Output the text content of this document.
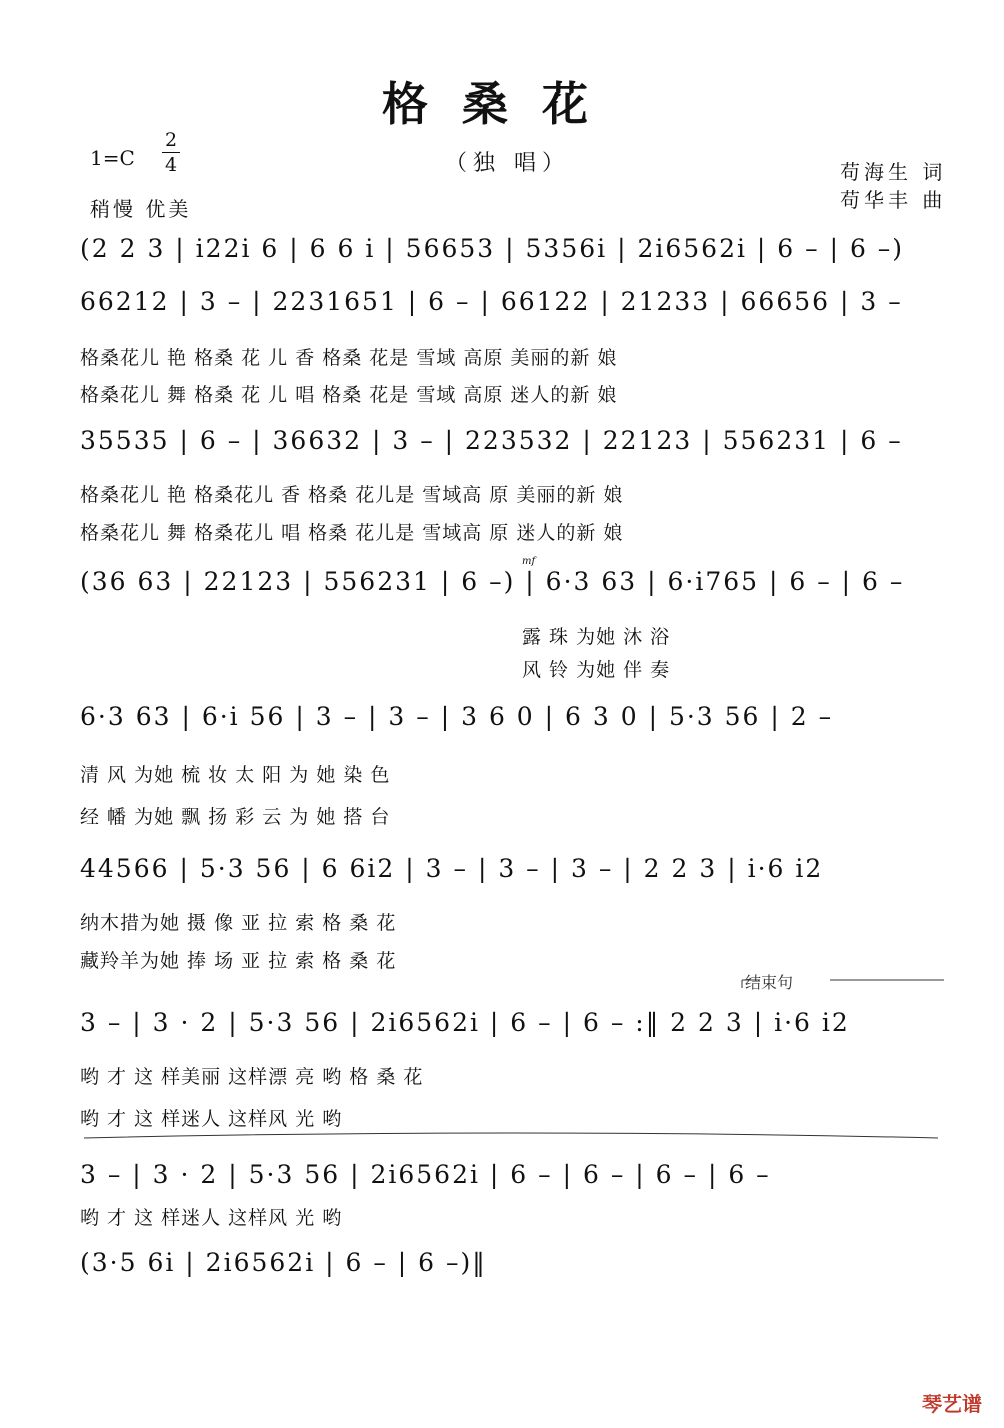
格桑花
1=C
2
4	（独 唱）	苟海生 词
苟华丰 曲
稍慢 优美
(2 2 3 | i22i 6 | 6 6 i | 56653 | 5356i | 2i6562i | 6 – | 6 –)
66212 | 3 – | 2231651 | 6 – | 66122 | 21233 | 66656 | 3 –
格桑花儿 艳 格桑 花 儿 香 格桑 花是 雪域 高原 美丽的新 娘
格桑花儿 舞 格桑 花 儿 唱 格桑 花是 雪域 高原 迷人的新 娘
35535 | 6 – | 36632 | 3 – | 223532 | 22123 | 556231 | 6 –
格桑花儿 艳 格桑花儿 香 格桑 花儿是 雪域高 原 美丽的新 娘
格桑花儿 舞 格桑花儿 唱 格桑 花儿是 雪域高 原 迷人的新 娘
mf
(36 63 | 22123 | 556231 | 6 –) | 6·3 63 | 6·i765 | 6 – | 6 –
露 珠 为她 沐 浴
风 铃 为她 伴 奏
6·3 63 | 6·i 56 | 3 – | 3 – | 3 6 0 | 6 3 0 | 5·3 56 | 2 –
清 风 为她 梳 妆 太 阳 为 她 染 色
经 幡 为她 飘 扬 彩 云 为 她 搭 台
44566 | 5·3 56 | 6 6i2 | 3 – | 3 – | 3 – | 2 2 3 | i·6 i2
纳木措为她 摄 像 亚 拉 索 格 桑 花
藏羚羊为她 捧 场 亚 拉 索 格 桑 花
结束句
3 – | 3 · 2 | 5·3 56 | 2i6562i | 6 – | 6 – :‖ 2 2 3 | i·6 i2
哟 才 这 样美丽 这样漂 亮 哟 格 桑 花
哟 才 这 样迷人 这样风 光 哟
3 – | 3 · 2 | 5·3 56 | 2i6562i | 6 – | 6 – | 6 – | 6 –
哟 才 这 样迷人 这样风 光 哟
(3·5 6i | 2i6562i | 6 – | 6 –)‖
琴艺谱
